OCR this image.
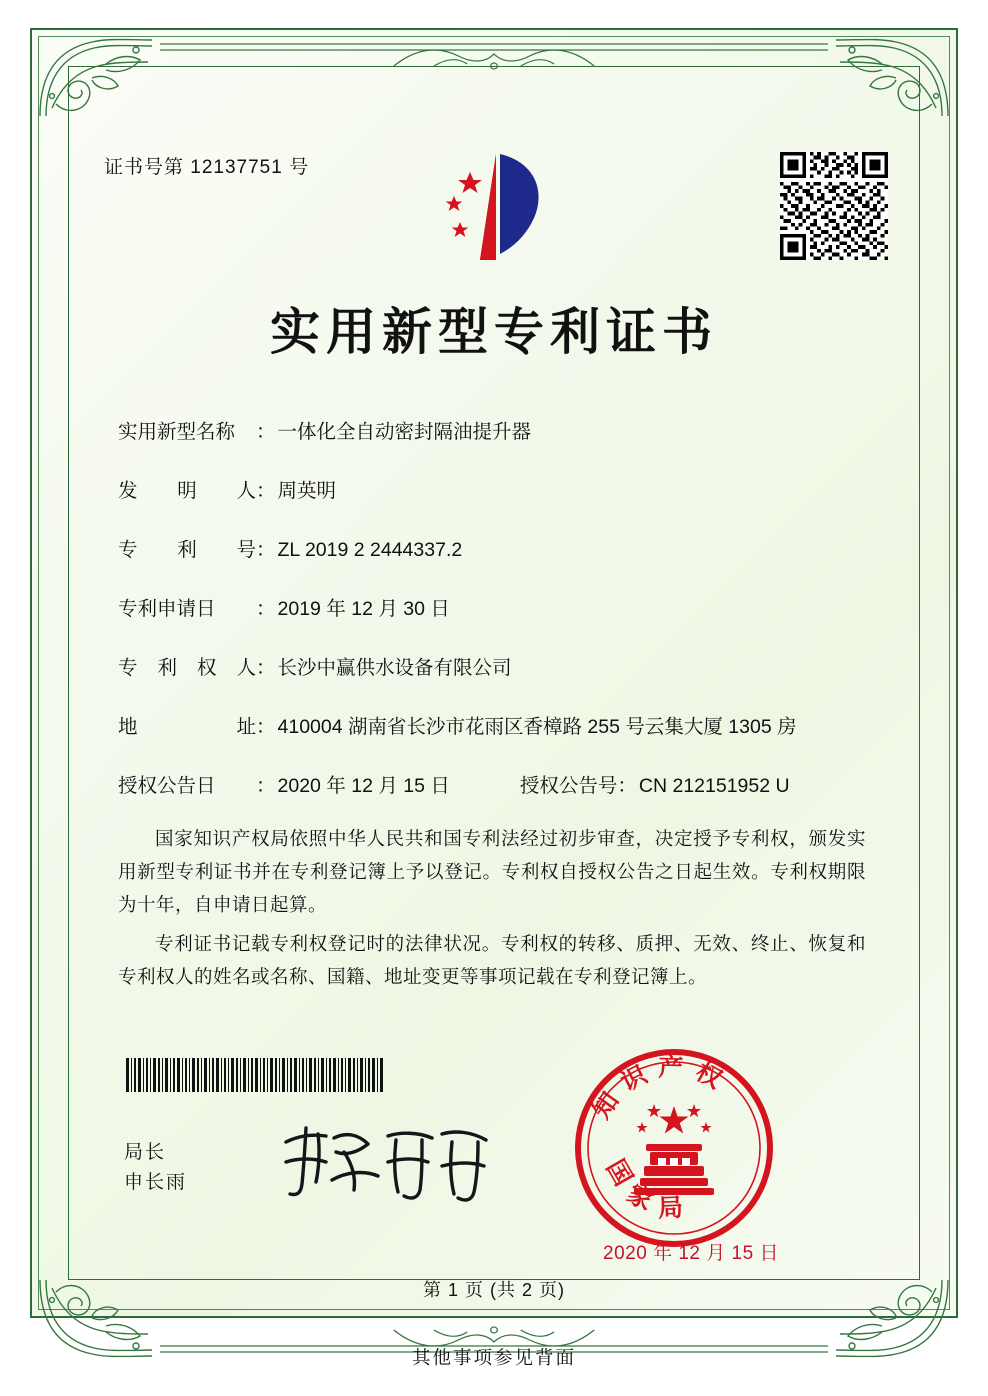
证书号第 12137751 号
实用新型专利证书
实用新型名称	： 一体化全自动密封隔油提升器
发 明 人 ： 周英明
专 利 号 ： ZL 2019 2 2444337.2
专利申请日	： 2019 年 12 月 30 日
专 利 权 人 ： 长沙中赢供水设备有限公司
地	址 ： 410004 湖南省长沙市花雨区香樟路 255 号云集大厦 1305 房
授权公告日	： 2020 年 12 月 15 日	授权公告号 ： CN 212151952 U

国家知识产权局依照中华人民共和国专利法经过初步审查，决定授予专利权，颁发实用新型专利证书并在专利登记簿上予以登记。专利权自授权公告之日起生效。专利权期限为十年，自申请日起算。

专利证书记载专利权登记时的法律状况。专利权的转移、质押、无效、终止、恢复和专利权人的姓名或名称、国籍、地址变更等事项记载在专利登记簿上。

局长
申长雨
知识产权
国家局
2020 年 12 月 15 日
第 1 页 (共 2 页)
其他事项参见背面
